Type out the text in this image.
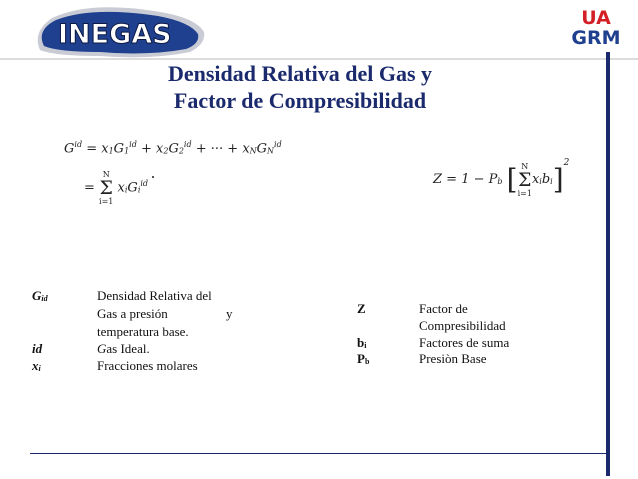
INEGAS
UA
GRM
Densidad Relativa del Gas y
Factor de Compresibilidad
$G^{id} = x_1G_1^{id} + x_2G_2^{id}$ + ··· + $x_NG_N^{id}$
=
N
Σ
i=1
$x_iG_i^{id}$	$Z = 1 - P_b$ [ N
Σ
i=1
$x_ib_i]^2$
$G_{id}$	Densidad Relativa del
Gas a presión	y
temperatura base.
id	Gas Ideal.
$x_i$	Fracciones molares
Z	Factor de
Compresibilidad
$b_i$	Factores de suma
$P_b$	Presiòn Base
